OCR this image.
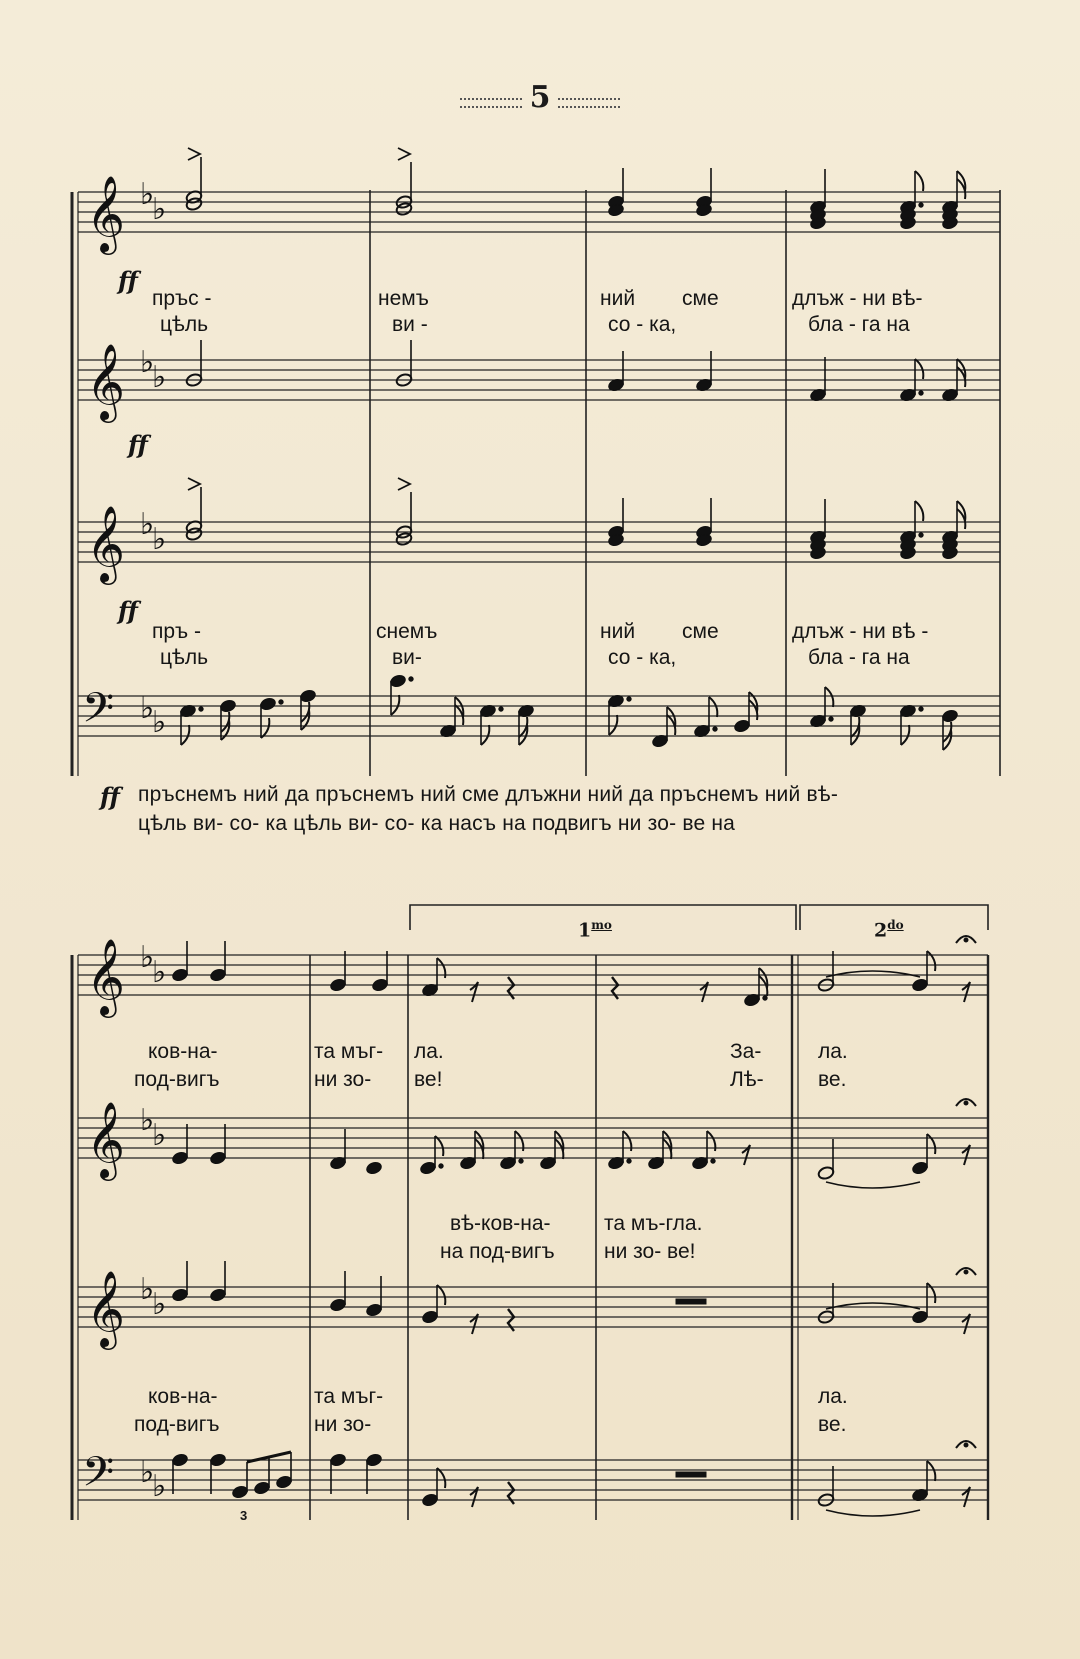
5
𝄞 ♭
♭
𝄞 ♭
♭
𝄞 ♭
♭
𝄢 ♭
♭
𝄞 ♭
♭
𝄞 ♭
♭
𝄞 ♭
♭
𝄢 ♭
♭
ff
ff
ff
ff
пръс -	немъ	ний сме	длъж - ни вѣ-
цѣль	ви -	со - ка,	бла - га на
пръ -	снемъ	ний сме	длъж - ни вѣ -
цѣль	ви-	со - ка,	бла - га на
пръснемъ ний да пръснемъ ний сме длъжни ний да пръснемъ ний вѣ-
цѣль ви- со- ка цѣль ви- со- ка насъ на подвигъ ни зо- ве на
$1^{mo}$	$2^{do}$
ков-на-	та мъг- ла.	За-	ла.
под-вигъ	ни зо- ве!	Лѣ-	ве.
вѣ-ков-на-	та мъ-гла.
на под-вигъ ни зо- ве!
ков-на-	та мъг-	ла.
под-вигъ	ни зо-	ве.
3
